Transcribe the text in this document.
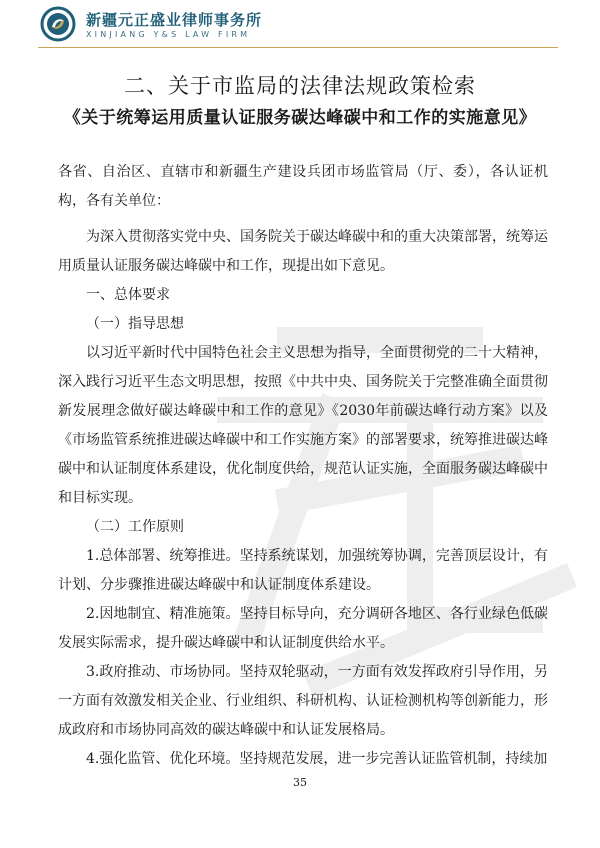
新疆元正盛业律师事务所
XINJIANG Y&S LAW FIRM
二、关于市监局的法律法规政策检索
《关于统筹运用质量认证服务碳达峰碳中和工作的实施意见》

各省、自治区、直辖市和新疆生产建设兵团市场监管局（厅、委），各认证机构，各有关单位：

为深入贯彻落实党中央、国务院关于碳达峰碳中和的重大决策部署，统筹运用质量认证服务碳达峰碳中和工作，现提出如下意见。

一、总体要求

（一）指导思想

以习近平新时代中国特色社会主义思想为指导，全面贯彻党的二十大精神，深入践行习近平生态文明思想，按照《中共中央、国务院关于完整准确全面贯彻新发展理念做好碳达峰碳中和工作的意见》《2030年前碳达峰行动方案》以及《市场监管系统推进碳达峰碳中和工作实施方案》的部署要求，统筹推进碳达峰碳中和认证制度体系建设，优化制度供给，规范认证实施，全面服务碳达峰碳中和目标实现。

（二）工作原则

1.总体部署、统筹推进。坚持系统谋划，加强统筹协调，完善顶层设计，有计划、分步骤推进碳达峰碳中和认证制度体系建设。

2.因地制宜、精准施策。坚持目标导向，充分调研各地区、各行业绿色低碳发展实际需求，提升碳达峰碳中和认证制度供给水平。

3.政府推动、市场协同。坚持双轮驱动，一方面有效发挥政府引导作用，另一方面有效激发相关企业、行业组织、科研机构、认证检测机构等创新能力，形成政府和市场协同高效的碳达峰碳中和认证发展格局。

4.强化监管、优化环境。坚持规范发展，进一步完善认证监管机制，持续加

35
